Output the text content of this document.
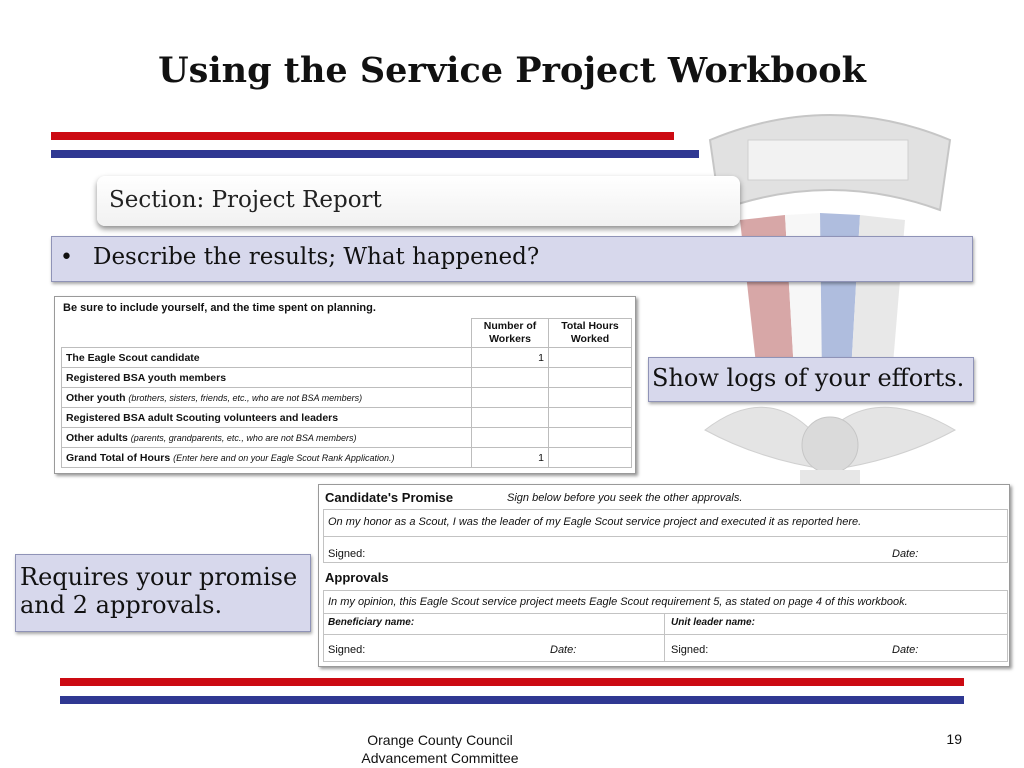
Using the Service Project Workbook
Section: Project Report
• Describe the results; What happened?
Be sure to include yourself, and the time spent on planning.
	Number of Workers	Total Hours Worked
The Eagle Scout candidate	1	
Registered BSA youth members		
Other youth (brothers, sisters, friends, etc., who are not BSA members)		
Registered BSA adult Scouting volunteers and leaders		
Other adults (parents, grandparents, etc., who are not BSA members)		
Grand Total of Hours (Enter here and on your Eagle Scout Rank Application.)	1	
Show logs of your efforts.
Candidate's Promise	Sign below before you seek the other approvals.
On my honor as a Scout, I was the leader of my Eagle Scout service project and executed it as reported here.
Signed:	Date:
Approvals
In my opinion, this Eagle Scout service project meets Eagle Scout requirement 5, as stated on page 4 of this workbook.
Beneficiary name:	Unit leader name:
Signed:	Date:	Signed:	Date:
Requires your promise and 2 approvals.
Orange County Council
Advancement Committee
19
